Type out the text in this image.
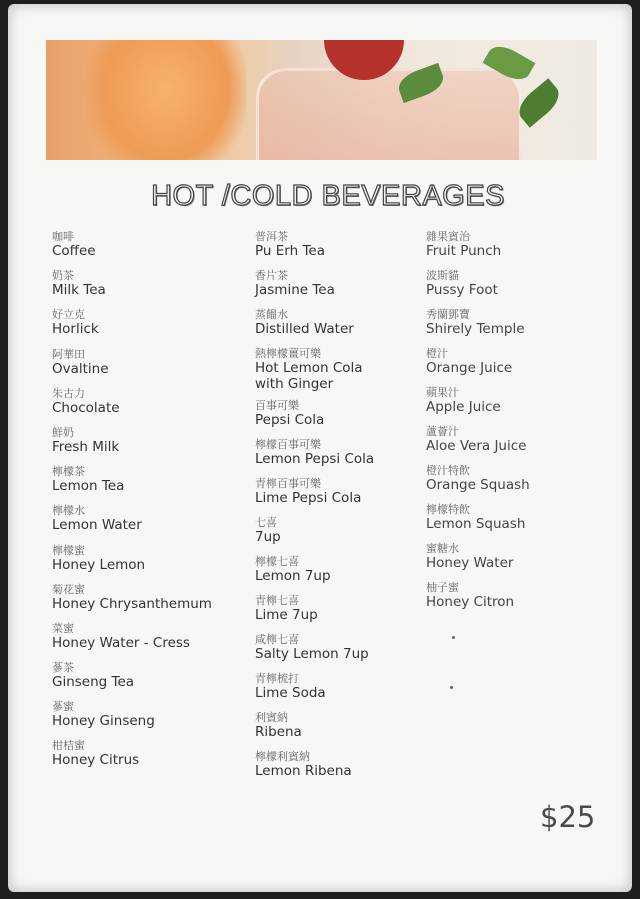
HOT /COLD BEVERAGES
咖啡
Coffee
奶茶
Milk Tea
好立克
Horlick
阿華田
Ovaltine
朱古力
Chocolate
鮮奶
Fresh Milk
檸檬茶
Lemon Tea
檸檬水
Lemon Water
檸檬蜜
Honey Lemon
菊花蜜
Honey Chrysanthemum
菜蜜
Honey Water - Cress
蔘茶
Ginseng Tea
蔘蜜
Honey Ginseng
柑桔蜜
Honey Citrus
普洱茶
Pu Erh Tea
香片茶
Jasmine Tea
蒸餾水
Distilled Water
熱檸檬薑可樂
Hot Lemon Cola
with Ginger
百事可樂
Pepsi Cola
檸檬百事可樂
Lemon Pepsi Cola
青檸百事可樂
Lime Pepsi Cola
七喜
7up
檸檬七喜
Lemon 7up
青檸七喜
Lime 7up
咸檸七喜
Salty Lemon 7up
青檸梳打
Lime Soda
利賓納
Ribena
檸檬利賓納
Lemon Ribena
雜果賓治
Fruit Punch
波斯貓
Pussy Foot
秀蘭鄧寶
Shirely Temple
橙汁
Orange Juice
蘋果汁
Apple Juice
蘆薈汁
Aloe Vera Juice
橙汁特飲
Orange Squash
檸檬特飲
Lemon Squash
蜜糖水
Honey Water
柚子蜜
Honey Citron
$25
